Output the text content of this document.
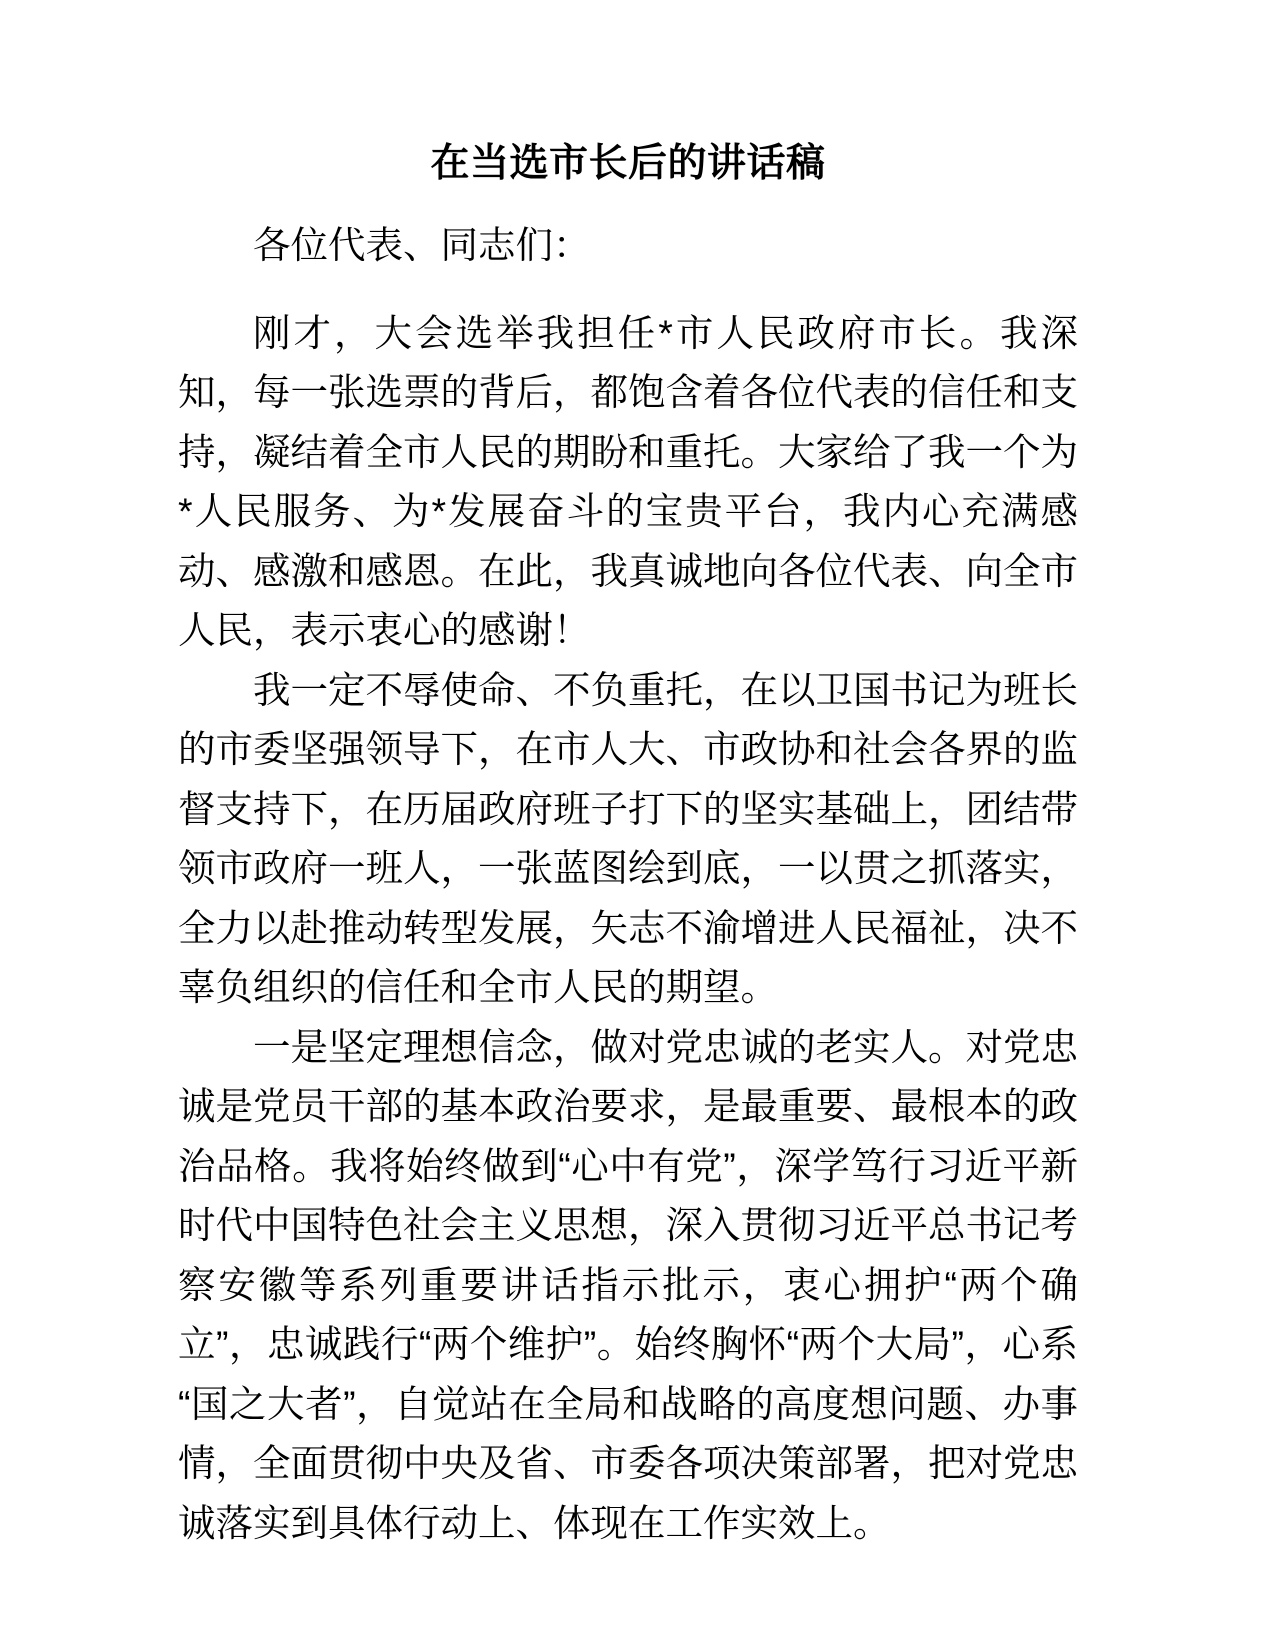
在当选市长后的讲话稿

各位代表、同志们：

刚才，大会选举我担任*市人民政府市长。我深知，每一张选票的背后，都饱含着各位代表的信任和支持，凝结着全市人民的期盼和重托。大家给了我一个为*人民服务、为*发展奋斗的宝贵平台，我内心充满感动、感激和感恩。在此，我真诚地向各位代表、向全市人民，表示衷心的感谢！

我一定不辱使命、不负重托，在以卫国书记为班长的市委坚强领导下，在市人大、市政协和社会各界的监督支持下，在历届政府班子打下的坚实基础上，团结带领市政府一班人，一张蓝图绘到底，一以贯之抓落实，全力以赴推动转型发展，矢志不渝增进人民福祉，决不辜负组织的信任和全市人民的期望。

一是坚定理想信念，做对党忠诚的老实人。对党忠诚是党员干部的基本政治要求，是最重要、最根本的政治品格。我将始终做到“心中有党”，深学笃行习近平新时代中国特色社会主义思想，深入贯彻习近平总书记考察安徽等系列重要讲话指示批示，衷心拥护“两个确立”，忠诚践行“两个维护”。始终胸怀“两个大局”，心系“国之大者”，自觉站在全局和战略的高度想问题、办事情，全面贯彻中央及省、市委各项决策部署，把对党忠诚落实到具体行动上、体现在工作实效上。
